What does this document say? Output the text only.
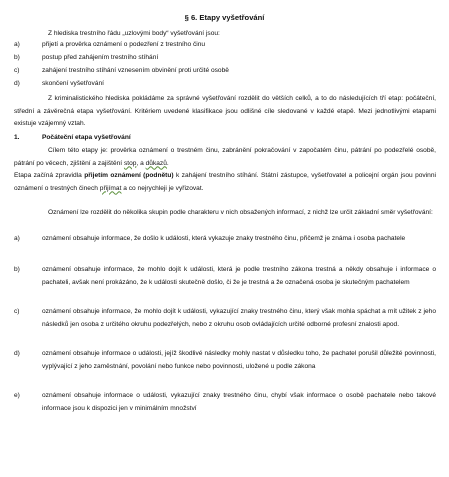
§ 6. Etapy vyšetřování
Z hlediska trestního řádu „uzlovými body“ vyšetřování jsou:
a)	přijetí a prověrka oznámení o podezření z trestního činu
b)	postup před zahájením trestního stíhání
c)	zahájení trestního stíhání vznesením obvinění proti určité osobě
d)	skončení vyšetřování
Z kriminalistického hlediska pokládáme za správné vyšetřování rozdělit do větších celků, a to do následujících tří etap: počáteční, střední a závěrečná etapa vyšetřování. Kritériem uvedené klasifikace jsou odlišné cíle sledované v každé etapě. Mezi jednotlivými etapami existuje vzájemný vztah.
1.	Počáteční etapa vyšetřování
Cílem této etapy je: prověrka oznámení o trestném činu, zabránění pokračování v započatém činu, pátrání po podezřelé osobě, pátrání po věcech, zjištění a zajištění stop, a důkazů.
Etapa začíná zpravidla přijetím oznámení (podnětu) k zahájení trestního stíhání. Státní zástupce, vyšetřovatel a policejní orgán jsou povinni oznámení o trestných činech přijímat a co nejrychleji je vyřizovat.
Oznámení lze rozdělit do několika skupin podle charakteru v nich obsažených informací, z nichž lze určit základní směr vyšetřování:
a)	oznámení obsahuje informace, že došlo k události, která vykazuje znaky trestného činu, přičemž je známa i osoba pachatele
b)	oznámení obsahuje informace, že mohlo dojít k události, která je podle trestního zákona trestná a někdy obsahuje i informace o pachateli, avšak není prokázáno, že k události skutečně došlo, či že je trestná a že označená osoba je skutečným pachatelem
c)	oznámení obsahuje informace, že mohlo dojít k události, vykazující znaky trestného činu, který však mohla spáchat a mít užitek z jeho následků jen osoba z určitého okruhu podezřelých, nebo z okruhu osob ovládajících určité odborné profesní znalosti apod.
d)	oznámení obsahuje informace o události, jejíž škodlivé následky mohly nastat v důsledku toho, že pachatel porušil důležité povinnosti, vyplývající z jeho zaměstnání, povolání nebo funkce nebo povinnosti, uložené u podle zákona
e)	oznámení obsahuje informace o události, vykazující znaky trestného činu, chybí však informace o osobě pachatele nebo takové informace jsou k dispozici jen v minimálním množství
